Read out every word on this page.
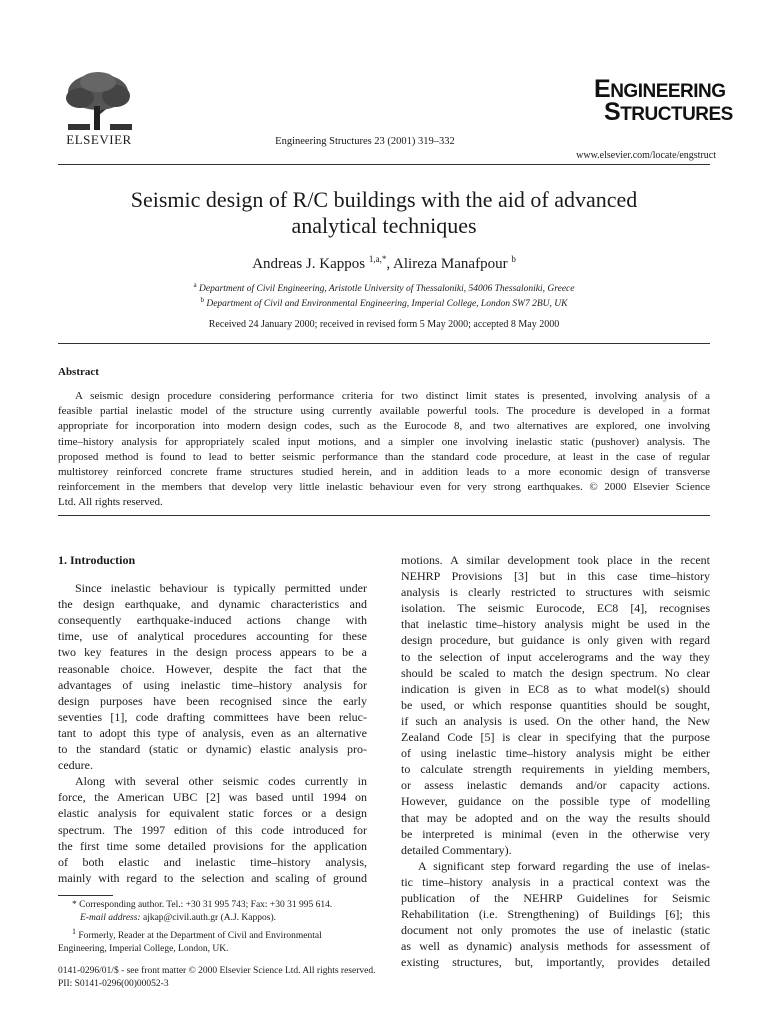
ELSEVIER	Engineering Structures 23 (2001) 319–332
ENGINEERING
STRUCTURES
www.elsevier.com/locate/engstruct
Seismic design of R/C buildings with the aid of advanced
analytical techniques
Andreas J. Kappos $^{1,a,*}$, Alireza Manafpour $^b$
$^a$ Department of Civil Engineering, Aristotle University of Thessaloniki, 54006 Thessaloniki, Greece
$^b$ Department of Civil and Environmental Engineering, Imperial College, London SW7 2BU, UK
Received 24 January 2000; received in revised form 5 May 2000; accepted 8 May 2000
Abstract
A seismic design procedure considering performance criteria for two distinct limit states is presented, involving analysis of a
feasible partial inelastic model of the structure using currently available powerful tools. The procedure is developed in a format
appropriate for incorporation into modern design codes, such as the Eurocode 8, and two alternatives are explored, one involving
time–history analysis for appropriately scaled input motions, and a simpler one involving inelastic static (pushover) analysis. The
proposed method is found to lead to better seismic performance than the standard code procedure, at least in the case of regular
multistorey reinforced concrete frame structures studied herein, and in addition leads to a more economic design of transverse
reinforcement in the members that develop very little inelastic behaviour even for very strong earthquakes. © 2000 Elsevier Science
Ltd. All rights reserved.
1. Introduction
Since inelastic behaviour is typically permitted under
the design earthquake, and dynamic characteristics and
consequently earthquake-induced actions change with
time, use of analytical procedures accounting for these
two key features in the design process appears to be a
reasonable choice. However, despite the fact that the
advantages of using inelastic time–history analysis for
design purposes have been recognised since the early
seventies [1], code drafting committees have been reluc-
tant to adopt this type of analysis, even as an alternative
to the standard (static or dynamic) elastic analysis pro-
cedure.
Along with several other seismic codes currently in
force, the American UBC [2] was based until 1994 on
elastic analysis for equivalent static forces or a design
spectrum. The 1997 edition of this code introduced for
the first time some detailed provisions for the application
of both elastic and inelastic time–history analysis,
mainly with regard to the selection and scaling of ground
motions. A similar development took place in the recent
NEHRP Provisions [3] but in this case time–history
analysis is clearly restricted to structures with seismic
isolation. The seismic Eurocode, EC8 [4], recognises
that inelastic time–history analysis might be used in the
design procedure, but guidance is only given with regard
to the selection of input accelerograms and the way they
should be scaled to match the design spectrum. No clear
indication is given in EC8 as to what model(s) should
be used, or which response quantities should be sought,
if such an analysis is used. On the other hand, the New
Zealand Code [5] is clear in specifying that the purpose
of using inelastic time–history analysis might be either
to calculate strength requirements in yielding members,
or assess inelastic demands and/or capacity actions.
However, guidance on the possible type of modelling
that may be adopted and on the way the results should
be interpreted is minimal (even in the otherwise very
detailed Commentary).
A significant step forward regarding the use of inelas-
tic time–history analysis in a practical context was the
publication of the NEHRP Guidelines for Seismic
Rehabilitation (i.e. Strengthening) of Buildings [6]; this
document not only promotes the use of inelastic (static
as well as dynamic) analysis methods for assessment of
existing structures, but, importantly, provides detailed
* Corresponding author. Tel.: +30 31 995 743; Fax: +30 31 995 614.
E-mail address: ajkap@civil.auth.gr (A.J. Kappos).
$^1$ Formerly, Reader at the Department of Civil and Environmental
Engineering, Imperial College, London, UK.
0141-0296/01/$ - see front matter © 2000 Elsevier Science Ltd. All rights reserved.
PII: S0141-0296(00)00052-3
